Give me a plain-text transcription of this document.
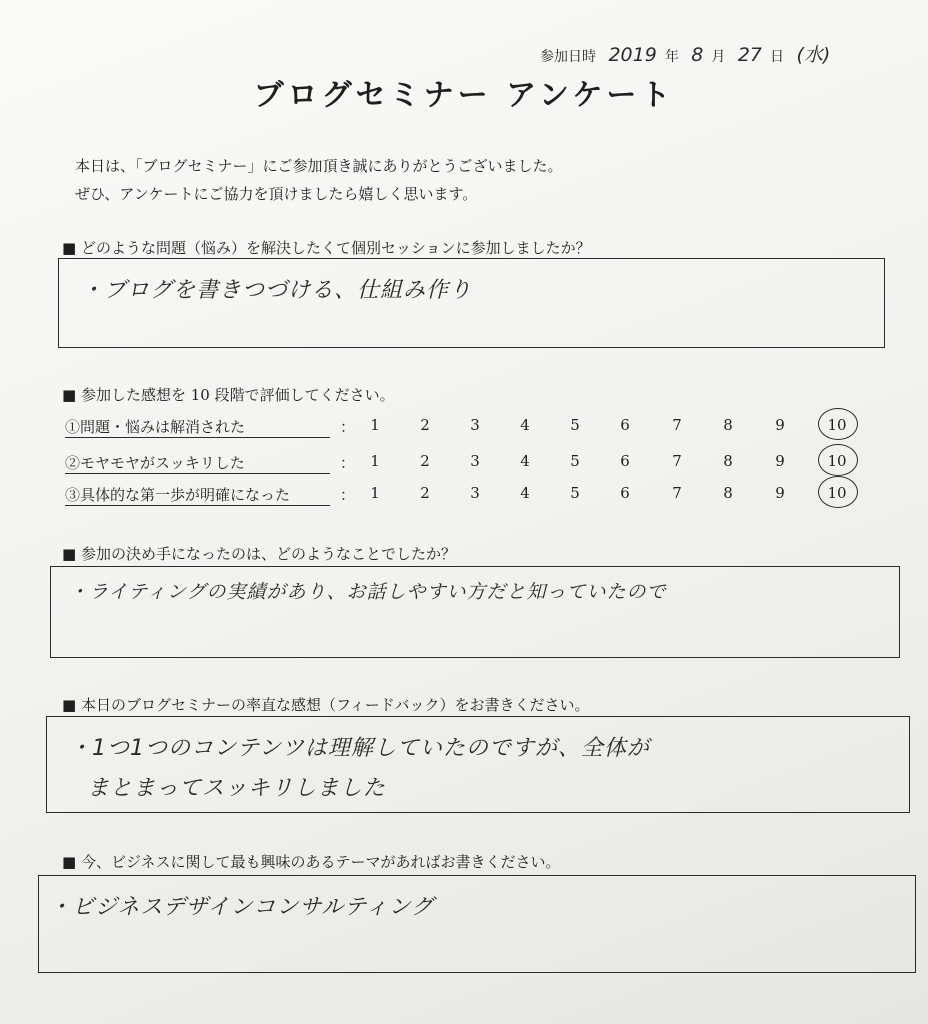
参加日時 2019 年 8 月 27 日 (水)
ブログセミナー アンケート
本日は、「ブログセミナー」にご参加頂き誠にありがとうございました。
ぜひ、アンケートにご協力を頂けましたら嬉しく思います。
■ どのような問題（悩み）を解決したくて個別セッションに参加しましたか？
・ブログを書きつづける、仕組み作り
■ 参加した感想を 10 段階で評価してください。
①問題・悩みは解消された	：	1	2	3	4	5	6	7	8	9	10
②モヤモヤがスッキリした	：	1	2	3	4	5	6	7	8	9	10
③具体的な第一歩が明確になった	：	1	2	3	4	5	6	7	8	9	10
■ 参加の決め手になったのは、どのようなことでしたか？
・ライティングの実績があり、お話しやすい方だと知っていたので
■ 本日のブログセミナーの率直な感想（フィードバック）をお書きください。
・1つ1つのコンテンツは理解していたのですが、全体が
まとまってスッキリしました
■ 今、ビジネスに関して最も興味のあるテーマがあればお書きください。
・ビジネスデザインコンサルティング
